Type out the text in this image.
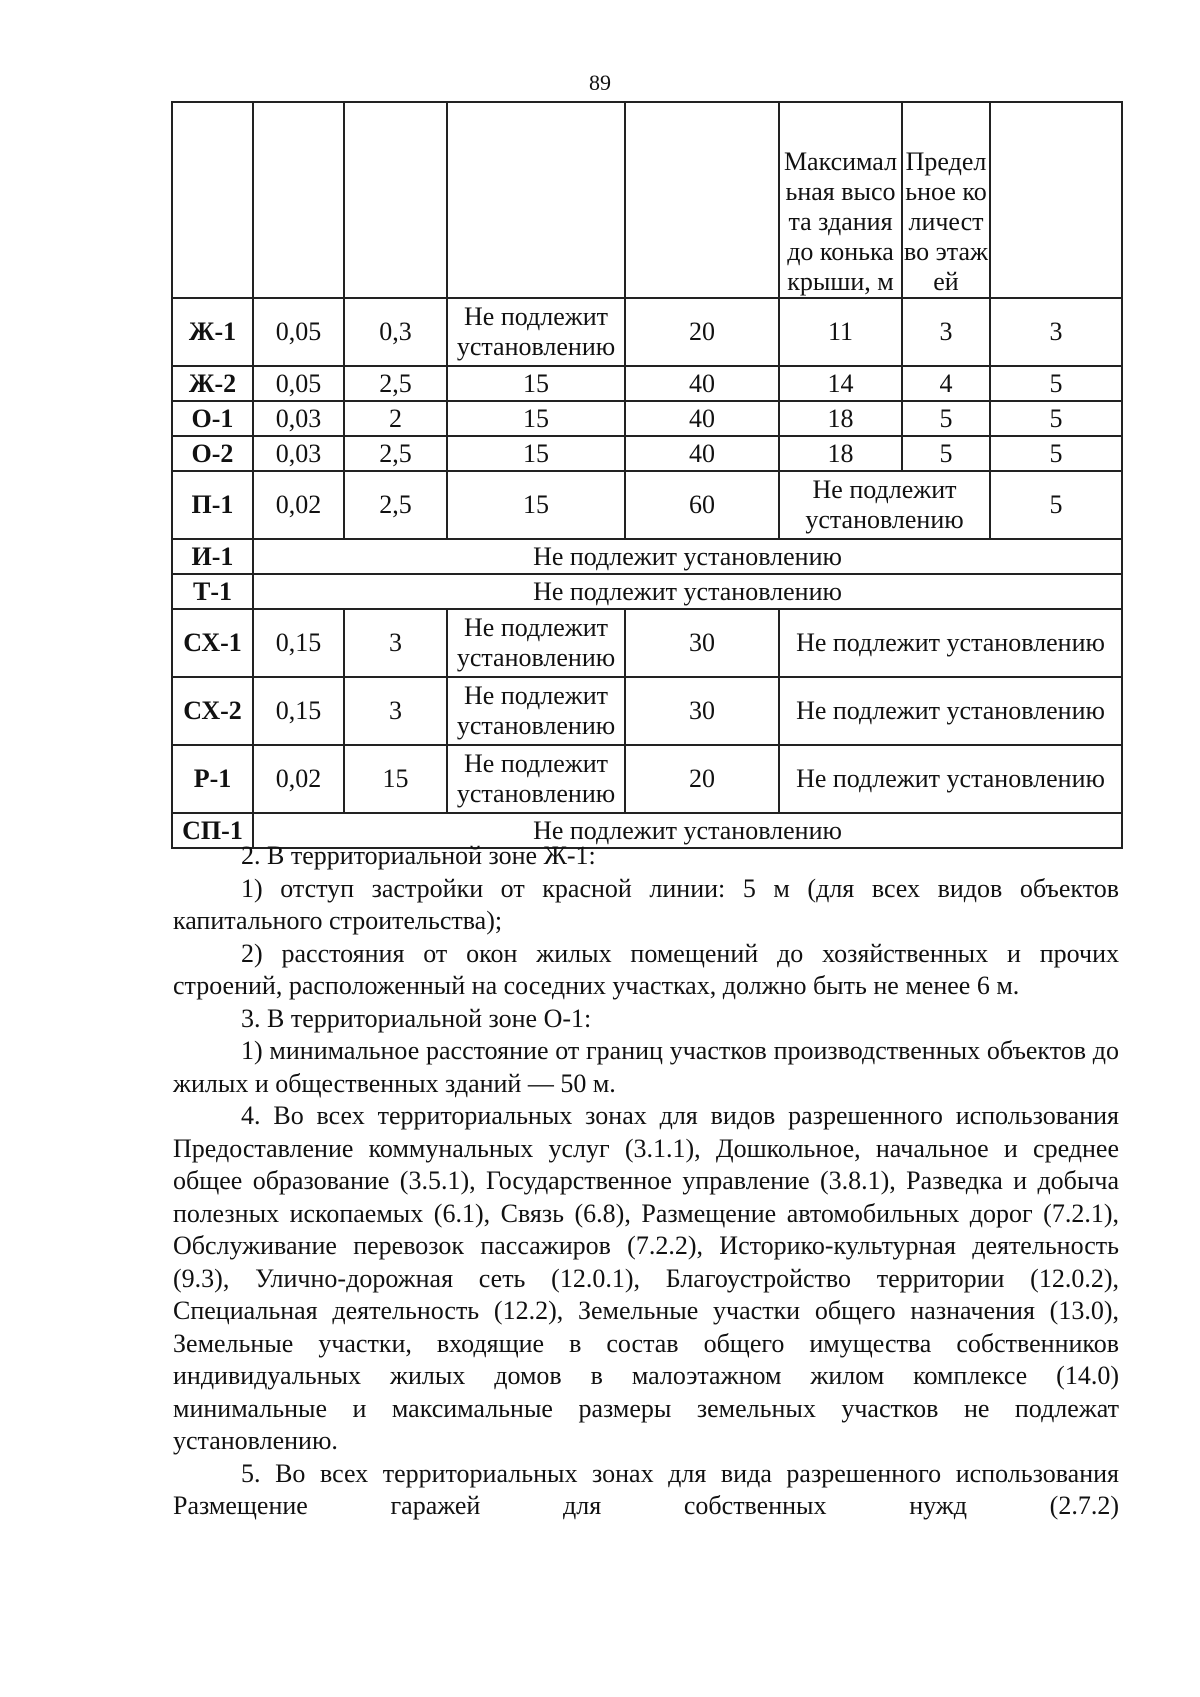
89
					Максимальная высота здания до конька крыши, м	Предельное количество этажей	
Ж-1	0,05	0,3	Не подлежит установлению	20	11	3	3
Ж-2	0,05	2,5	15	40	14	4	5
О-1	0,03	2	15	40	18	5	5
О-2	0,03	2,5	15	40	18	5	5
П-1	0,02	2,5	15	60	Не подлежит установлению		5
И-1	Не подлежит установлению						
Т-1	Не подлежит установлению						
СХ-1	0,15	3	Не подлежит установлению	30	Не подлежит установлению		
СХ-2	0,15	3	Не подлежит установлению	30	Не подлежит установлению		
Р-1	0,02	15	Не подлежит установлению	20	Не подлежит установлению		
СП-1	Не подлежит установлению						

2. В территориальной зоне Ж-1:

1) отступ застройки от красной линии: 5 м (для всех видов объектов капитального строительства);

2) расстояния от окон жилых помещений до хозяйственных и прочих строений, расположенный на соседних участках, должно быть не менее 6 м.

3. В территориальной зоне О-1:

1) минимальное расстояние от границ участков производственных объектов до жилых и общественных зданий — 50 м.

4. Во всех территориальных зонах для видов разрешенного использования Предоставление коммунальных услуг (3.1.1), Дошкольное, начальное и среднее общее образование (3.5.1), Государственное управление (3.8.1), Разведка и добыча полезных ископаемых (6.1), Связь (6.8), Размещение автомобильных дорог (7.2.1), Обслуживание перевозок пассажиров (7.2.2), Историко-культурная деятельность (9.3), Улично-дорожная сеть (12.0.1), Благоустройство территории (12.0.2), Специальная деятельность (12.2), Земельные участки общего назначения (13.0), Земельные участки, входящие в состав общего имущества собственников индивидуальных жилых домов в малоэтажном жилом комплексе (14.0) минимальные и максимальные размеры земельных участков не подлежат установлению.

5. Во всех территориальных зонах для вида разрешенного использования Размещение гаражей для собственных нужд (2.7.2)
